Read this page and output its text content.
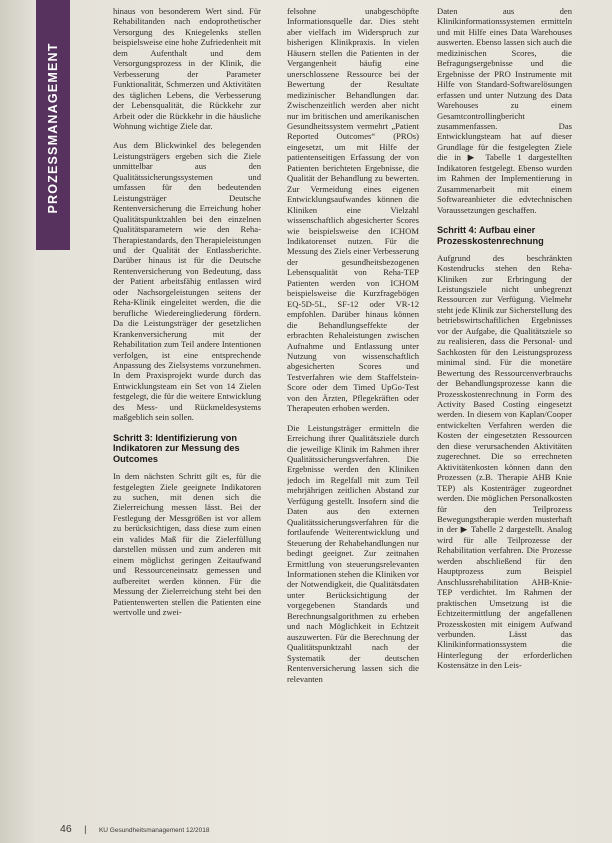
PROZESSMANAGEMENT

hinaus von besonderem Wert sind. Für Rehabilitanden nach endoprothetischer Versorgung des Kniegelenks stellen beispielsweise eine hohe Zufriedenheit mit dem Aufenthalt und dem Versorgungsprozess in der Klinik, die Verbesserung der Parameter Funktionalität, Schmerzen und Aktivitäten des täglichen Lebens, die Verbesserung der Lebensqualität, die Rückkehr zur Arbeit oder die Rückkehr in die häusliche Wohnung wichtige Ziele dar.

Aus dem Blickwinkel des belegenden Leistungsträgers ergeben sich die Ziele unmittelbar aus den Qualitätssicherungssystemen und umfassen für den bedeutenden Leistungsträger Deutsche Rentenversicherung die Erreichung hoher Qualitätspunktzahlen bei den einzelnen Qualitätsparametern wie den Reha-Therapiestandards, den Therapieleistungen und der Qualität der Entlassberichte. Darüber hinaus ist für die Deutsche Rentenversicherung von Bedeutung, dass der Patient arbeitsfähig entlassen wird oder Nachsorgeleistungen seitens der Reha-Klinik eingeleitet werden, die die berufliche Wiedereingliederung fördern. Da die Leistungsträger der gesetzlichen Krankenversicherung mit der Rehabilitation zum Teil andere Intentionen verfolgen, ist eine entsprechende Anpassung des Zielsystems vorzunehmen. In dem Praxisprojekt wurde durch das Entwicklungsteam ein Set von 14 Zielen festgelegt, die für die weitere Entwicklung des Mess- und Rückmeldesystems maßgeblich sein sollen.

Schritt 3: Identifizierung von Indikatoren zur Messung des Outcomes

In dem nächsten Schritt gilt es, für die festgelegten Ziele geeignete Indikatoren zu suchen, mit denen sich die Zielerreichung messen lässt. Bei der Festlegung der Messgrößen ist vor allem zu berücksichtigen, dass diese zum einen ein valides Maß für die Zielerfüllung darstellen müssen und zum anderen mit einem möglichst geringen Zeitaufwand und Ressourceneinsatz gemessen und aufbereitet werden können. Für die Messung der Zielerreichung steht bei den Patientenwerten stellen die Patienten eine wertvolle und zwei-

felsohne unabgeschöpfte Informationsquelle dar. Dies steht aber vielfach im Widerspruch zur bisherigen Klinikpraxis. In vielen Häusern stellen die Patienten in der Vergangenheit häufig eine unerschlossene Ressource bei der Bewertung der Resultate medizinischer Behandlungen dar. Zwischenzeitlich werden aber nicht nur im britischen und amerikanischen Gesundheitssystem vermehrt „Patient Reported Outcomes“ (PROs) eingesetzt, um mit Hilfe der patientenseitigen Erfassung der von Patienten berichteten Ergebnisse, die Qualität der Behandlung zu bewerten. Zur Vermeidung eines eigenen Entwicklungsaufwandes können die Kliniken eine Vielzahl wissenschaftlich abgesicherter Scores wie beispielsweise den ICHOM Indikatorenset nutzen. Für die Messung des Ziels einer Verbesserung der gesundheitsbezogenen Lebensqualität von Reha-TEP Patienten werden von ICHOM beispielsweise die Kurzfragebögen EQ-5D-5L, SF-12 oder VR-12 empfohlen. Darüber hinaus können die Behandlungseffekte der erbrachten Rehaleistungen zwischen Aufnahme und Entlassung unter Nutzung von wissenschaftlich abgesicherten Scores und Testverfahren wie dem Staffelstein-Score oder dem Timed UpGo-Test von den Ärzten, Pflegekräften oder Therapeuten erhoben werden.

Die Leistungsträger ermitteln die Erreichung ihrer Qualitätsziele durch die jeweilige Klinik im Rahmen ihrer Qualitätssicherungsverfahren. Die Ergebnisse werden den Kliniken jedoch im Regelfall mit zum Teil mehrjährigen zeitlichen Abstand zur Verfügung gestellt. Insofern sind die Daten aus den externen Qualitätssicherungsverfahren für die fortlaufende Weiterentwicklung und Steuerung der Rehabehandlungen nur bedingt geeignet. Zur zeitnahen Ermittlung von steuerungsrelevanten Informationen stehen die Kliniken vor der Notwendigkeit, die Qualitätsdaten unter Berücksichtigung der vorgegebenen Standards und Berechnungsalgorithmen zu erheben und nach Möglichkeit in Echtzeit auszuwerten. Für die Berechnung der Qualitätspunktzahl nach der Systematik der deutschen Rentenversicherung lassen sich die relevanten

Daten aus den Klinikinformationssystemen ermitteln und mit Hilfe eines Data Warehouses auswerten. Ebenso lassen sich auch die medizinischen Scores, die Befragungsergebnisse und die Ergebnisse der PRO Instrumente mit Hilfe von Standard-Softwarelösungen erfassen und unter Nutzung des Data Warehouses zu einem Gesamtcontrollingbericht zusammenfassen. Das Entwicklungsteam hat auf dieser Grundlage für die festgelegten Ziele die in ▶ Tabelle 1 dargestellten Indikatoren festgelegt. Ebenso wurden im Rahmen der Implementierung in Zusammenarbeit mit einem Softwareanbieter die edvtechnischen Voraussetzungen geschaffen.

Schritt 4: Aufbau einer Prozesskostenrechnung

Aufgrund des beschränkten Kostendrucks stehen den Reha-Kliniken zur Erbringung der Leistungsziele nicht unbegrenzt Ressourcen zur Verfügung. Vielmehr steht jede Klinik zur Sicherstellung des betriebswirtschaftlichen Ergebnisses vor der Aufgabe, die Qualitätsziele so zu realisieren, dass die Personal- und Sachkosten für den Leistungsprozess minimal sind. Für die monetäre Bewertung des Ressourcenverbrauchs der Behandlungsprozesse kann die Prozesskostenrechnung in Form des Activity Based Costing eingesetzt werden. In diesem von Kaplan/Cooper entwickelten Verfahren werden die Kosten der eingesetzten Ressourcen den diese verursachenden Aktivitäten zugerechnet. Die so errechneten Aktivitätenkosten können dann den Prozessen (z.B. Therapie AHB Knie TEP) als Kostenträger zugeordnet werden. Die möglichen Personalkosten für den Teilprozess Bewegungstherapie werden musterhaft in der ▶ Tabelle 2 dargestellt. Analog wird für alle Teilprozesse der Rehabilitation verfahren. Die Prozesse werden abschließend für den Hauptprozess zum Beispiel Anschlussrehabilitation AHB-Knie-TEP verdichtet. Im Rahmen der praktischen Umsetzung ist die Echtzeitermittlung der angefallenen Prozesskosten mit einigem Aufwand verbunden. Lässt das Klinikinformationssystem die Hinterlegung der erforderlichen Kostensätze in den Leis-

46 | KU Gesundheitsmanagement 12/2018
